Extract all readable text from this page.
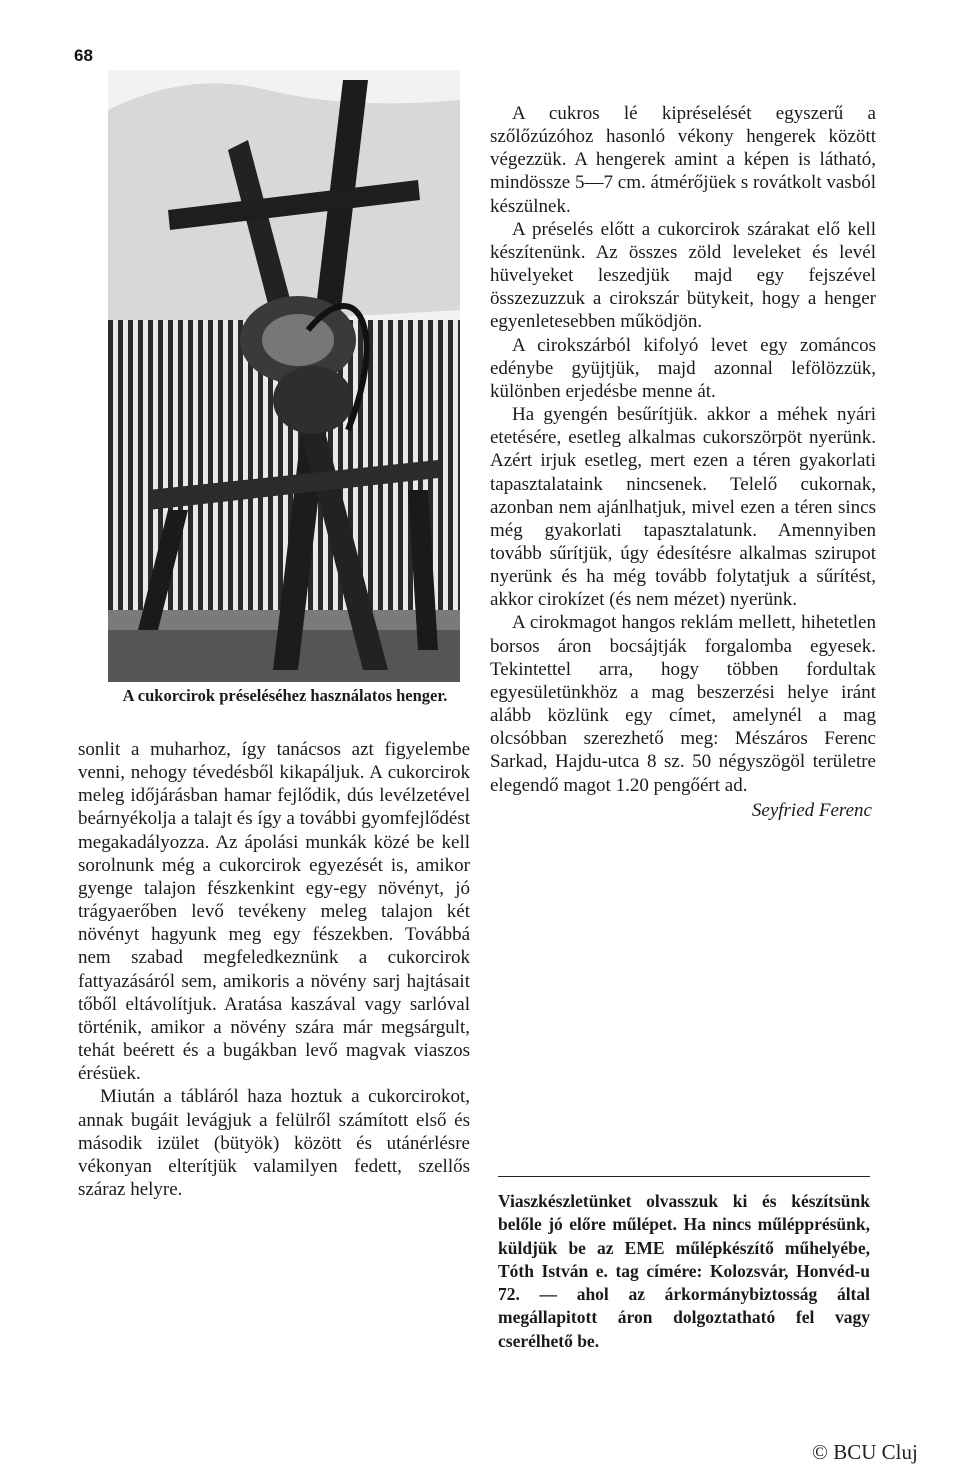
68
A cukorcirok préseléséhez használatos henger.

sonlit a muharhoz, így tanácsos azt figyelembe venni, nehogy tévedésből kikapáljuk. A cukorcirok meleg időjárásban hamar fejlődik, dús levélzetével beárnyékolja a talajt és így a további gyomfejlődést megakadályozza. Az ápolási munkák közé be kell sorolnunk még a cukorcirok egyezését is, amikor gyenge talajon fészkenkint egy-egy növényt, jó trágyaerőben levő tevékeny meleg talajon két növényt hagyunk meg egy fészekben. Továbbá nem szabad megfeledkeznünk a cukorcirok fattyazásáról sem, amikoris a növény sarj hajtásait tőből eltávolítjuk. Aratása kaszával vagy sarlóval történik, amikor a növény szára már megsárgult, tehát beérett és a bugákban levő magvak viaszos érésüek.

Miután a tábláról haza hoztuk a cukorcirokot, annak bugáit levágjuk a felülről számított első és második izület (bütyök) között és utánérlésre vékonyan elterítjük valamilyen fedett, szellős száraz helyre.

A cukros lé kipréselését egyszerű a szőlőzúzóhoz hasonló vékony hengerek között végezzük. A hengerek amint a képen is látható, mindössze 5—7 cm. átmérőjüek s rovátkolt vasból készülnek.

A préselés előtt a cukorcirok szárakat elő kell készítenünk. Az összes zöld leveleket és levél hüvelyeket leszedjük majd egy fejszével összezuzzuk a cirokszár bütykeit, hogy a henger egyenletesebben működjön.

A cirokszárból kifolyó levet egy zománcos edénybe gyüjtjük, majd azonnal lefölözzük, különben erjedésbe menne át.

Ha gyengén besűrítjük. akkor a méhek nyári etetésére, esetleg alkalmas cukorszörpöt nyerünk. Azért irjuk esetleg, mert ezen a téren gyakorlati tapasztalataink nincsenek. Telelő cukornak, azonban nem ajánlhatjuk, mivel ezen a téren sincs még gyakorlati tapasztalatunk. Amennyiben tovább sűrítjük, úgy édesítésre alkalmas szirupot nyerünk és ha még tovább folytatjuk a sűrítést, akkor cirokízet (és nem mézet) nyerünk.

A cirokmagot hangos reklám mellett, hihetetlen borsos áron bocsájtják forgalomba egyesek. Tekintettel arra, hogy többen fordultak egyesületünkhöz a mag beszerzési helye iránt alább közlünk egy címet, amelynél a mag olcsóbban szerezhető meg: Mészáros Ferenc Sarkad, Hajdu-utca 8 sz. 50 négyszögöl területre elegendő magot 1.20 pengőért ad.

Seyfried Ferenc

Viaszkészletünket olvasszuk ki és készítsünk belőle jó előre műlépet. Ha nincs műlépprésünk, küldjük be az EME műlépkészítő műhelyébe, Tóth István e. tag címére: Kolozsvár, Honvéd-u 72. — ahol az árkormánybiztosság által megállapitott áron dolgoztatható fel vagy cserélhető be.
© BCU Cluj
